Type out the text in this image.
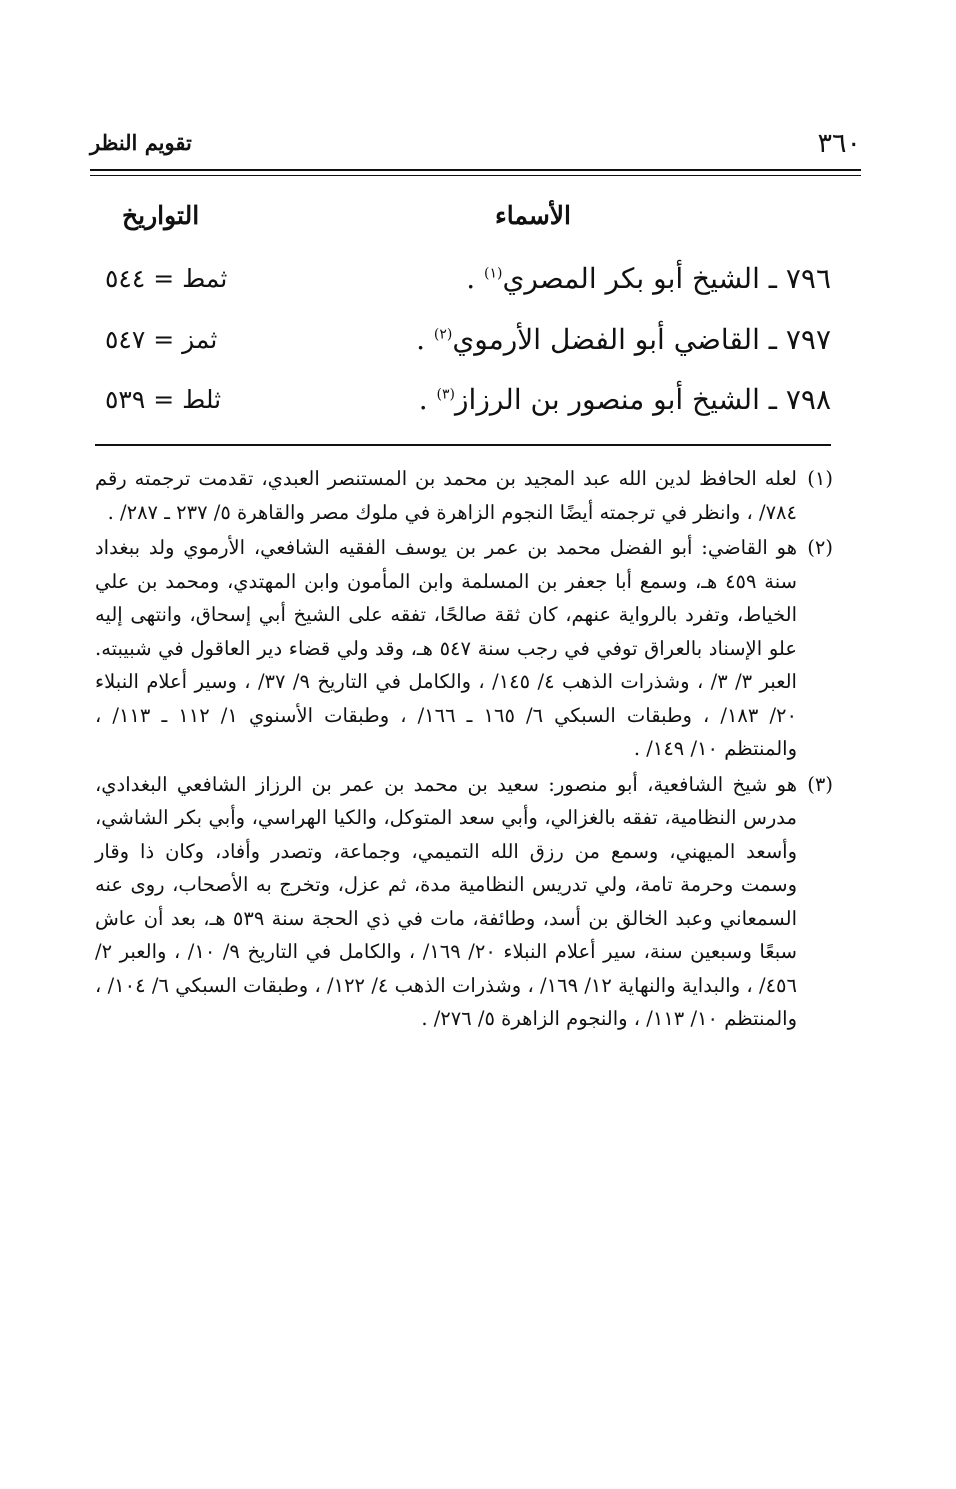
٣٦٠
تقويم النظر
الأسماء
التواريخ
٧٩٦ ـ الشيخ أبو بكر المصري$^{(١)}$ .
ثمط = ٥٤٤
٧٩٧ ـ القاضي أبو الفضل الأرموي$^{(٢)}$ .
ثمز = ٥٤٧
٧٩٨ ـ الشيخ أبو منصور بن الرزاز$^{(٣)}$ .
ثلط = ٥٣٩

(١)
لعله الحافظ لدين الله عبد المجيد بن محمد بن المستنصر العبدي، تقدمت ترجمته رقم ٧٨٤/ ، وانظر في ترجمته أيضًا النجوم الزاهرة في ملوك مصر والقاهرة ٥/ ٢٣٧ ـ ٢٨٧/ .

(٢)
هو القاضي: أبو الفضل محمد بن عمر بن يوسف الفقيه الشافعي، الأرموي ولد ببغداد سنة ٤٥٩ هـ، وسمع أبا جعفر بن المسلمة وابن المأمون وابن المهتدي، ومحمد بن علي الخياط، وتفرد بالرواية عنهم، كان ثقة صالحًا، تفقه على الشيخ أبي إسحاق، وانتهى إليه علو الإسناد بالعراق توفي في رجب سنة ٥٤٧ هـ، وقد ولي قضاء دير العاقول في شبيبته. العبر ٣/ ٣/ ، وشذرات الذهب ٤/ ١٤٥/ ، والكامل في التاريخ ٩/ ٣٧/ ، وسير أعلام النبلاء ٢٠/ ١٨٣/ ، وطبقات السبكي ٦/ ١٦٥ ـ ١٦٦/ ، وطبقات الأسنوي ١/ ١١٢ ـ ١١٣/ ، والمنتظم ١٠/ ١٤٩/ .

(٣)
هو شيخ الشافعية، أبو منصور: سعيد بن محمد بن عمر بن الرزاز الشافعي البغدادي، مدرس النظامية، تفقه بالغزالي، وأبي سعد المتوكل، والكيا الهراسي، وأبي بكر الشاشي، وأسعد الميهني، وسمع من رزق الله التميمي، وجماعة، وتصدر وأفاد، وكان ذا وقار وسمت وحرمة تامة، ولي تدريس النظامية مدة، ثم عزل، وتخرج به الأصحاب، روى عنه السمعاني وعبد الخالق بن أسد، وطائفة، مات في ذي الحجة سنة ٥٣٩ هـ، بعد أن عاش سبعًا وسبعين سنة، سير أعلام النبلاء ٢٠/ ١٦٩/ ، والكامل في التاريخ ٩/ ١٠/ ، والعبر ٢/ ٤٥٦/ ، والبداية والنهاية ١٢/ ١٦٩/ ، وشذرات الذهب ٤/ ١٢٢/ ، وطبقات السبكي ٦/ ١٠٤/ ، والمنتظم ١٠/ ١١٣/ ، والنجوم الزاهرة ٥/ ٢٧٦/ .
